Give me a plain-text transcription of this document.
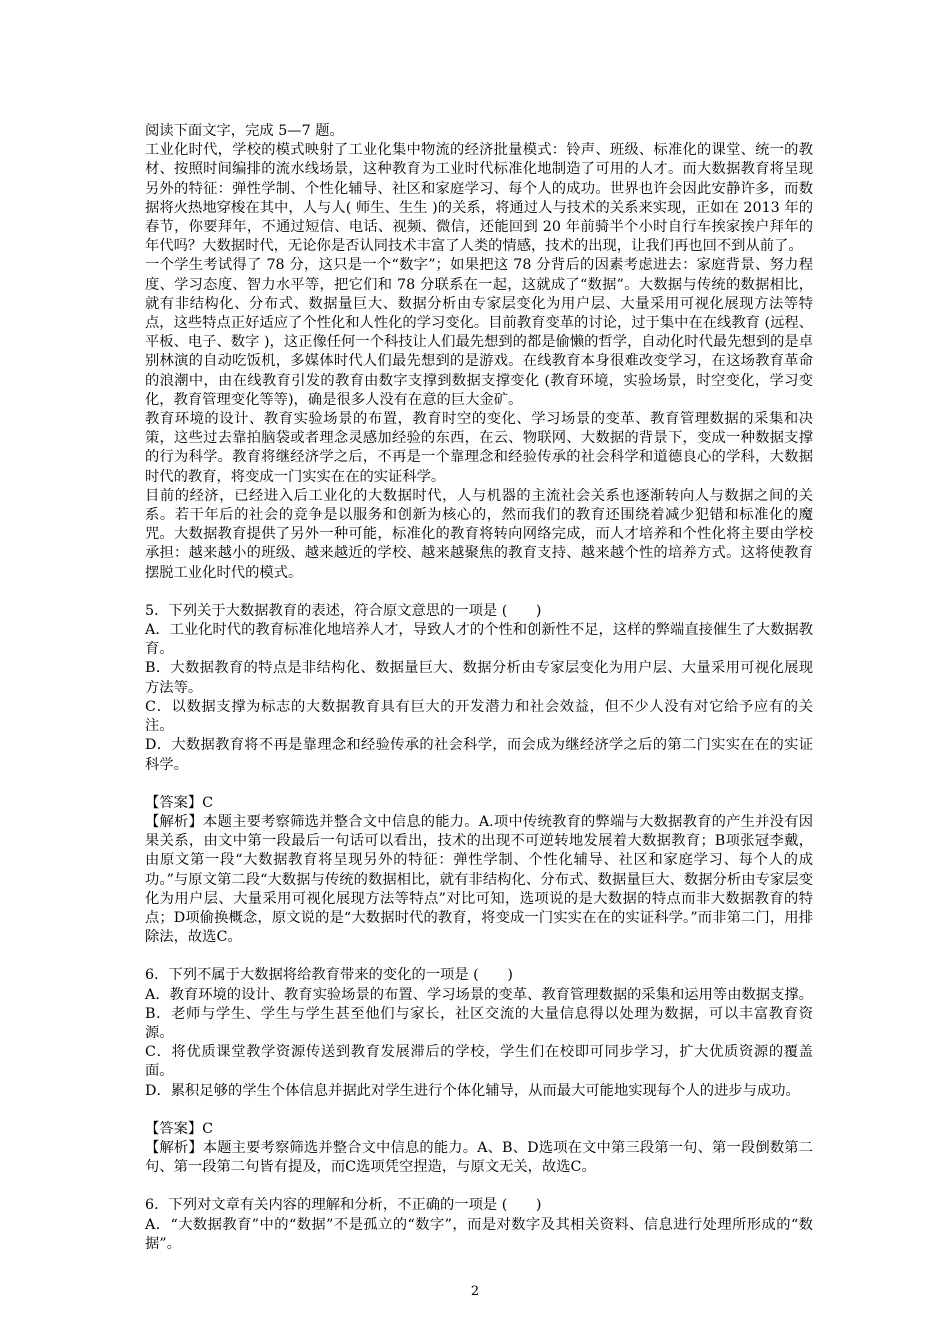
阅读下面文字，完成 5—7 题。

工业化时代，学校的模式映射了工业化集中物流的经济批量模式：铃声、班级、标准化的课堂、统一的教材、按照时间编排的流水线场景，这种教育为工业时代标准化地制造了可用的人才。而大数据教育将呈现另外的特征：弹性学制、个性化辅导、社区和家庭学习、每个人的成功。世界也许会因此安静许多，而数据将火热地穿梭在其中，人与人( 师生、生生 )的关系，将通过人与技术的关系来实现，正如在 2013 年的春节，你要拜年，不通过短信、电话、视频、微信，还能回到 20 年前骑半个小时自行车挨家挨户拜年的年代吗？大数据时代，无论你是否认同技术丰富了人类的情感，技术的出现，让我们再也回不到从前了。

一个学生考试得了 78 分，这只是一个“数字”；如果把这 78 分背后的因素考虑进去：家庭背景、努力程度、学习态度、智力水平等，把它们和 78 分联系在一起，这就成了“数据”。大数据与传统的数据相比，就有非结构化、分布式、数据量巨大、数据分析由专家层变化为用户层、大量采用可视化展现方法等特点，这些特点正好适应了个性化和人性化的学习变化。目前教育变革的讨论，过于集中在在线教育 (远程、平板、电子、数字 )，这正像任何一个科技让人们最先想到的都是偷懒的哲学，自动化时代最先想到的是卓别林演的自动吃饭机，多媒体时代人们最先想到的是游戏。在线教育本身很难改变学习，在这场教育革命的浪潮中，由在线教育引发的教育由数字支撑到数据支撑变化 (教育环境，实验场景，时空变化，学习变化，教育管理变化等等)，确是很多人没有在意的巨大金矿。

教育环境的设计、教育实验场景的布置，教育时空的变化、学习场景的变革、教育管理数据的采集和决策，这些过去靠拍脑袋或者理念灵感加经验的东西，在云、物联网、大数据的背景下，变成一种数据支撑的行为科学。教育将继经济学之后，不再是一个靠理念和经验传承的社会科学和道德良心的学科，大数据时代的教育，将变成一门实实在在的实证科学。

目前的经济，已经进入后工业化的大数据时代，人与机器的主流社会关系也逐渐转向人与数据之间的关系。若干年后的社会的竞争是以服务和创新为核心的，然而我们的教育还围绕着减少犯错和标准化的魔咒。大数据教育提供了另外一种可能，标准化的教育将转向网络完成，而人才培养和个性化将主要由学校承担：越来越小的班级、越来越近的学校、越来越聚焦的教育支持、越来越个性的培养方式。这将使教育摆脱工业化时代的模式。

5．下列关于大数据教育的表述，符合原文意思的一项是 (　　)

A．工业化时代的教育标准化地培养人才，导致人才的个性和创新性不足，这样的弊端直接催生了大数据教育。

B．大数据教育的特点是非结构化、数据量巨大、数据分析由专家层变化为用户层、大量采用可视化展现方法等。

C．以数据支撑为标志的大数据教育具有巨大的开发潜力和社会效益，但不少人没有对它给予应有的关注。

D．大数据教育将不再是靠理念和经验传承的社会科学，而会成为继经济学之后的第二门实实在在的实证科学。

【答案】C

【解析】本题主要考察筛选并整合文中信息的能力。A.项中传统教育的弊端与大数据教育的产生并没有因果关系，由文中第一段最后一句话可以看出，技术的出现不可逆转地发展着大数据教育；B项张冠李戴，由原文第一段“大数据教育将呈现另外的特征：弹性学制、个性化辅导、社区和家庭学习、每个人的成功。”与原文第二段“大数据与传统的数据相比，就有非结构化、分布式、数据量巨大、数据分析由专家层变化为用户层、大量采用可视化展现方法等特点”对比可知，选项说的是大数据的特点而非大数据教育的特点；D项偷换概念，原文说的是“大数据时代的教育，将变成一门实实在在的实证科学。”而非第二门，用排除法，故选C。

6．下列不属于大数据将给教育带来的变化的一项是 (　　)

A．教育环境的设计、教育实验场景的布置、学习场景的变革、教育管理数据的采集和运用等由数据支撑。

B．老师与学生、学生与学生甚至他们与家长，社区交流的大量信息得以处理为数据，可以丰富教育资源。

C．将优质课堂教学资源传送到教育发展滞后的学校，学生们在校即可同步学习，扩大优质资源的覆盖面。

D．累积足够的学生个体信息并据此对学生进行个体化辅导，从而最大可能地实现每个人的进步与成功。

【答案】C

【解析】本题主要考察筛选并整合文中信息的能力。A、B、D选项在文中第三段第一句、第一段倒数第二句、第一段第二句皆有提及，而C选项凭空捏造，与原文无关，故选C。

6．下列对文章有关内容的理解和分析，不正确的一项是 (　　)

A．“大数据教育”中的“数据”不是孤立的“数字”，而是对数字及其相关资料、信息进行处理所形成的“数据”。

2
